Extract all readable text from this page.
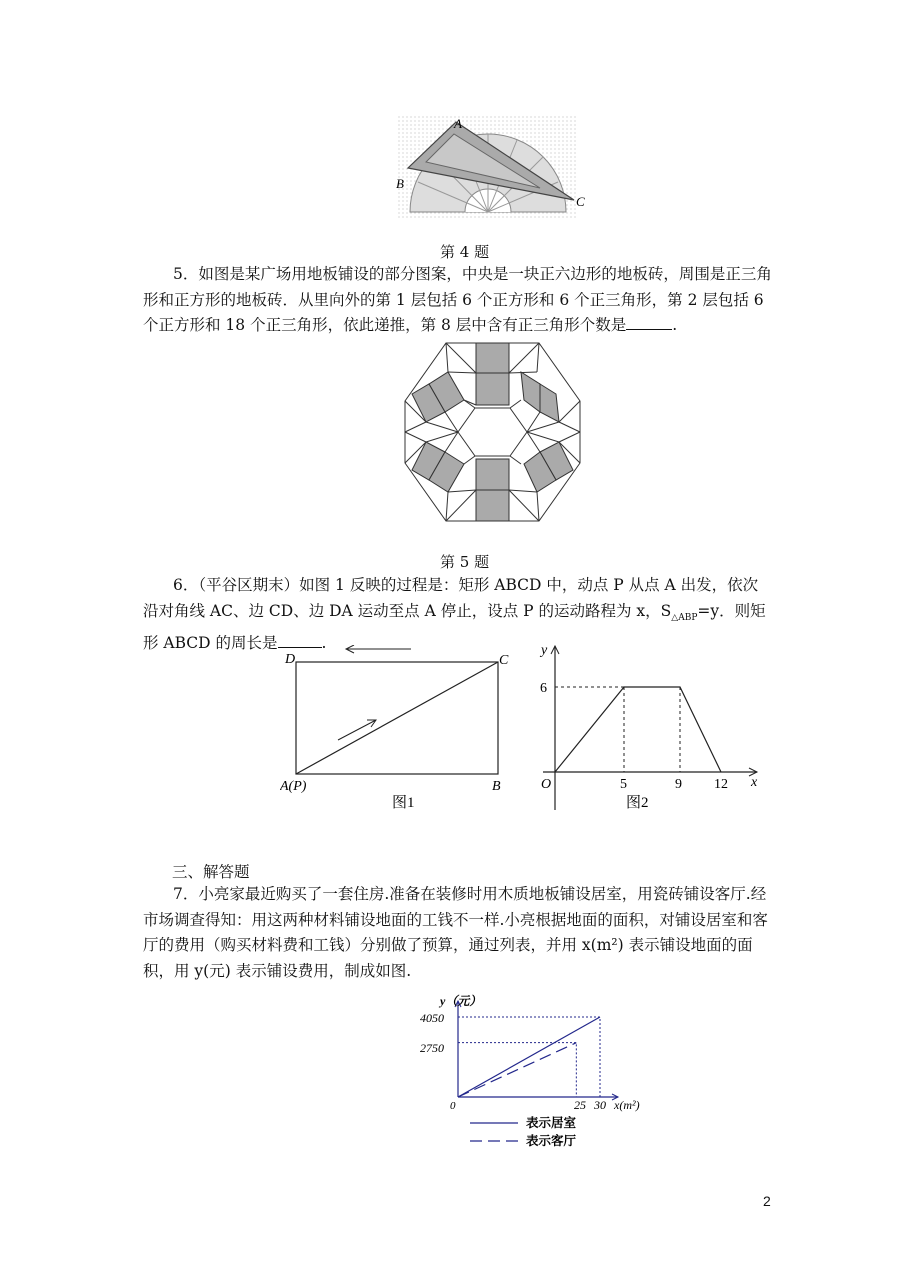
A
B
C
第 4 题

5．如图是某广场用地板铺设的部分图案，中央是一块正六边形的地板砖，周围是正三角形和正方形的地板砖．从里向外的第 1 层包括 6 个正方形和 6 个正三角形，第 2 层包括 6 个正方形和 18 个正三角形，依此递推，第 8 层中含有正三角形个数是	.

第 5 题

6．（平谷区期末）如图 1 反映的过程是：矩形 ABCD 中，动点 P 从点 A 出发，依次沿对角线 AC、边 CD、边 DA 运动至点 A 停止，设点 P 的运动路程为 x，$S_{\triangle ABP}=y$．则矩形 ABCD 的周长是	.

D	C
A(P)	B
图1
y
6
O	5	9 12 x
图2
三、解答题

7．小亮家最近购买了一套住房.准备在装修时用木质地板铺设居室，用瓷砖铺设客厅.经市场调查得知：用这两种材料铺设地面的工钱不一样.小亮根据地面的面积，对铺设居室和客厅的费用（购买材料费和工钱）分别做了预算，通过列表，并用 x(m²) 表示铺设地面的面积，用 y(元) 表示铺设费用，制成如图.

y（元）
0	x(m²)
4050
2750
25 30
表示居室
表示客厅
2
